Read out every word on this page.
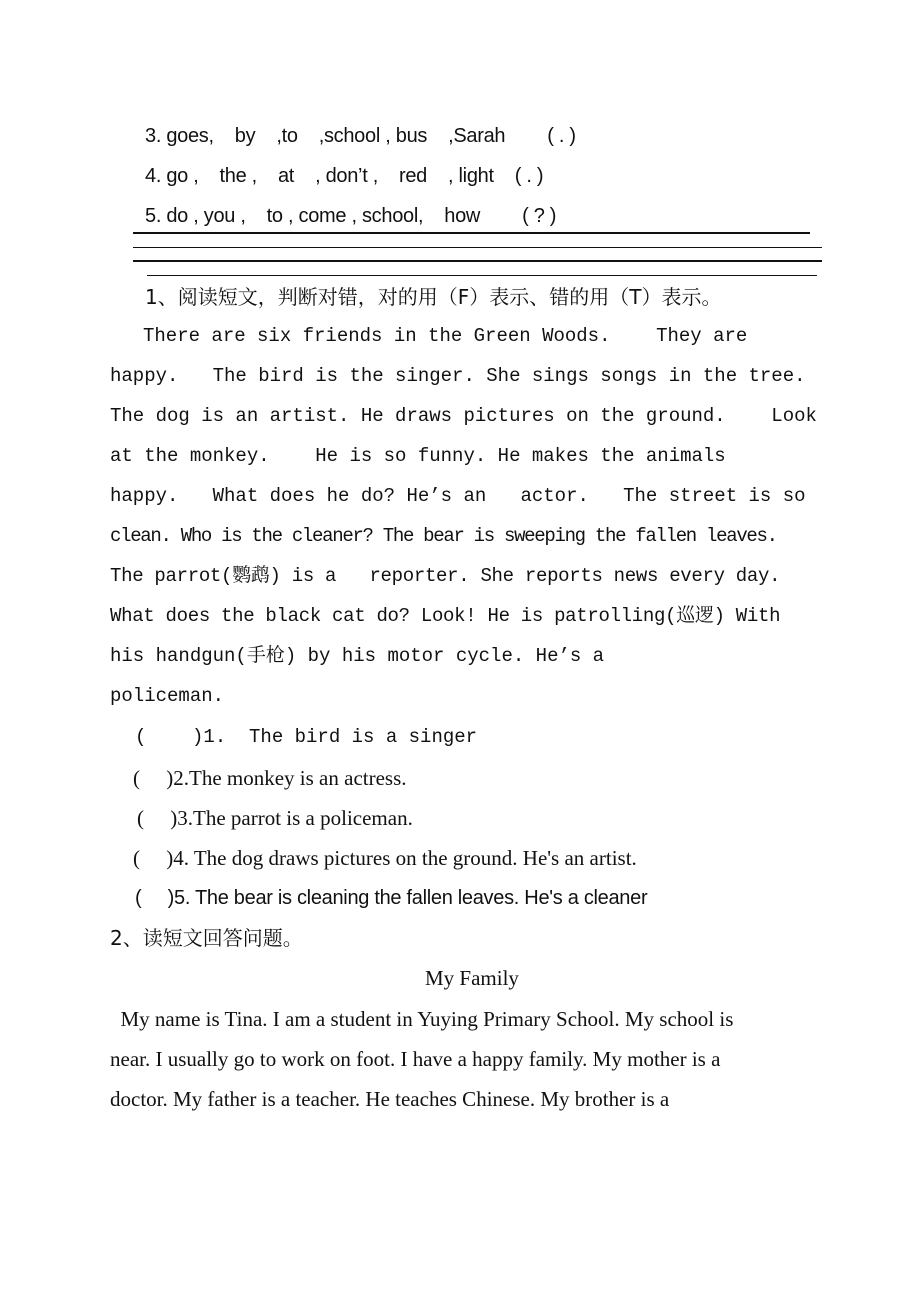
3. goes,    by    ,to    ,school , bus    ,Sarah        ( . )
4. go ,    the ,    at    , don’t ,    red    , light    ( . )
5. do , you ,    to , come , school,    how        ( ? )
1、阅读短文，判断对错，对的用（F）表示、错的用（T）表示。
There are six friends in the Green Woods.    They are
happy.   The bird is the singer. She sings songs in the tree.
The dog is an artist. He draws pictures on the ground.    Look
at the monkey.    He is so funny. He makes the animals
happy.   What does he do? He’s an   actor.   The street is so
clean. Who is the cleaner? The bear is sweeping the fallen leaves.
The parrot(鹦鹉) is a   reporter. She reports news every day.
What does the black cat do? Look! He is patrolling(巡逻) With
his handgun(手枪) by his motor cycle. He’s a
policeman.
(    )1.  The bird is a singer
(     )2.The monkey is an actress.
(     )3.The parrot is a policeman.
(     )4. The dog draws pictures on the ground. He's an artist.
(     )5. The bear is cleaning the fallen leaves. He's a cleaner
2、读短文回答问题。
My Family
My name is Tina. I am a student in Yuying Primary School. My school is
near. I usually go to work on foot. I have a happy family. My mother is a
doctor. My father is a teacher. He teaches Chinese. My brother is a
